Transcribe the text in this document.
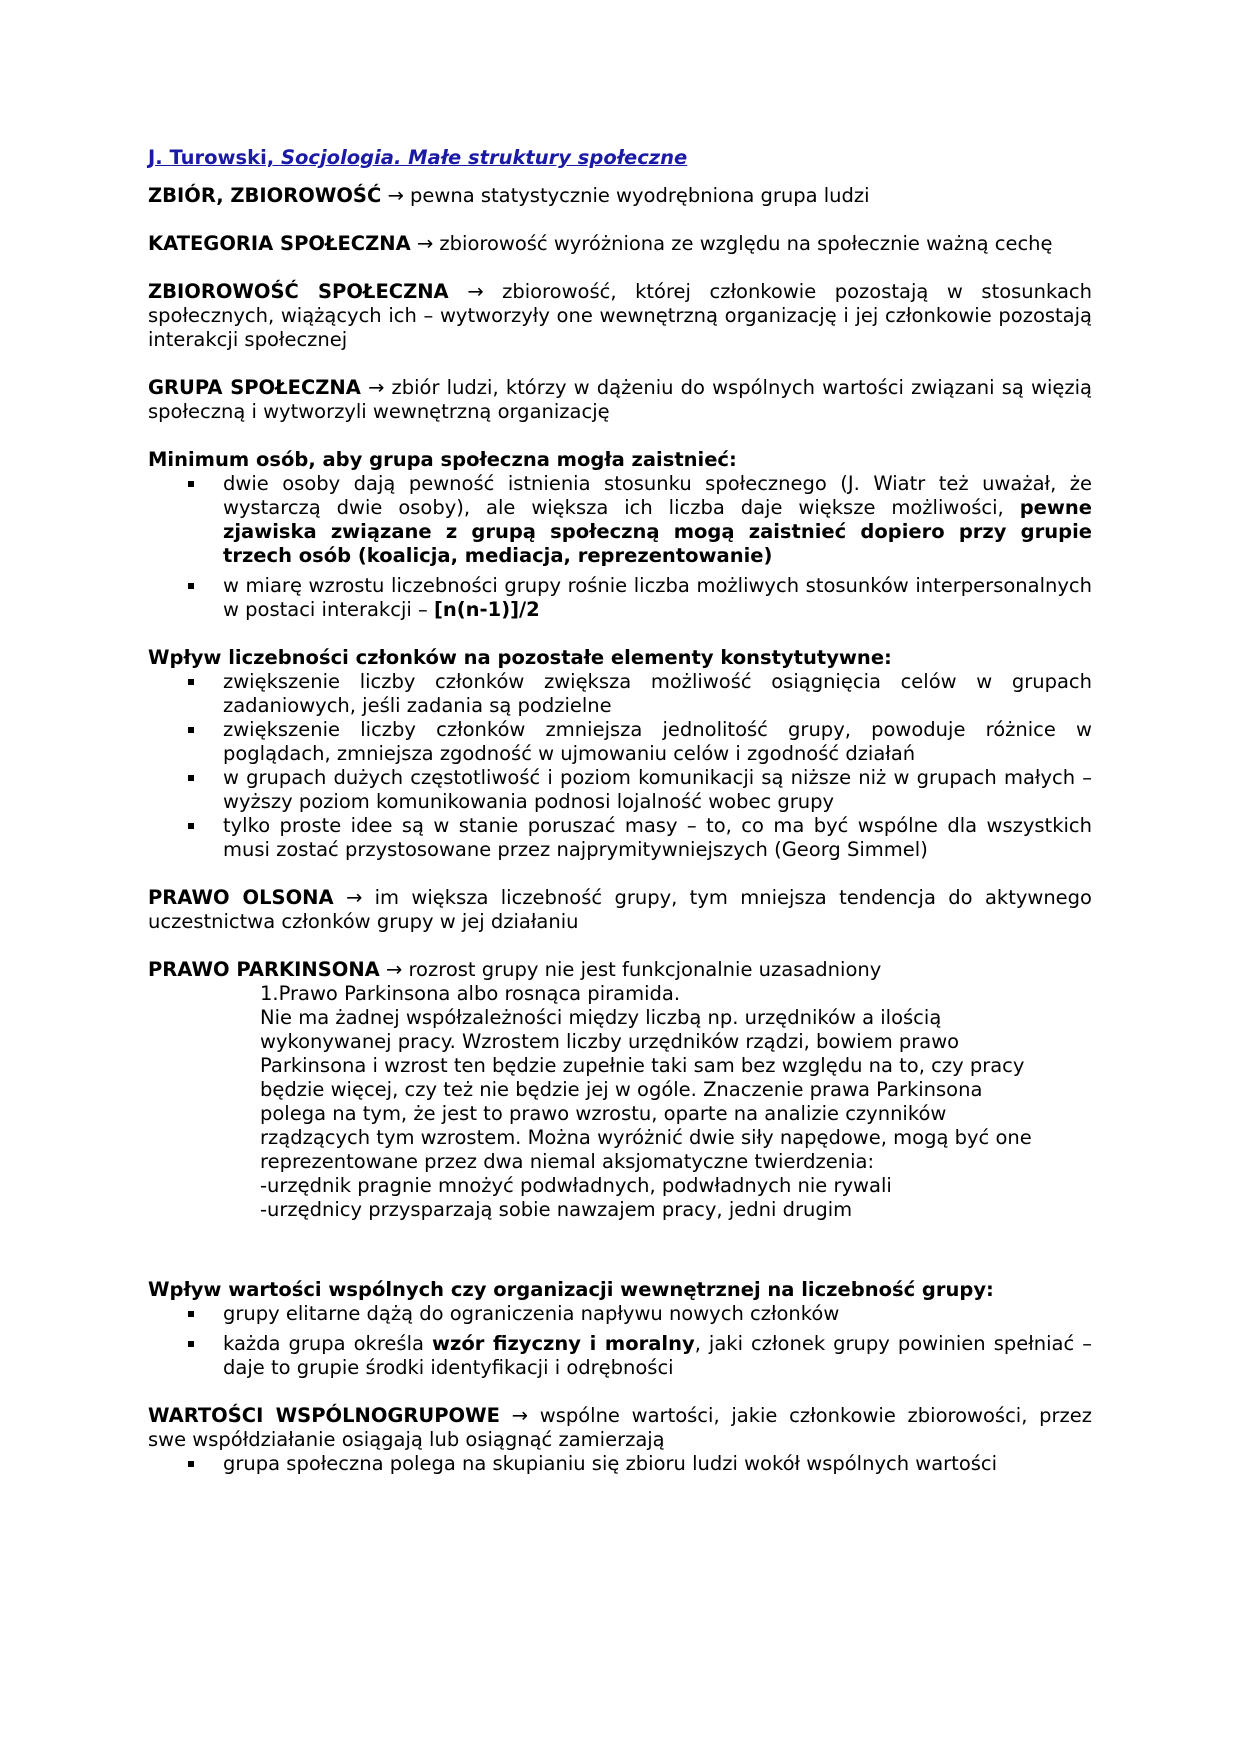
J. Turowski, Socjologia. Małe struktury społeczne

ZBIÓR, ZBIOROWOŚĆ → pewna statystycznie wyodrębniona grupa ludzi

KATEGORIA SPOŁECZNA → zbiorowość wyróżniona ze względu na społecznie ważną cechę

ZBIOROWOŚĆ SPOŁECZNA → zbiorowość, której członkowie pozostają w stosunkach społecznych, wiążących ich – wytworzyły one wewnętrzną organizację i jej członkowie pozostają interakcji społecznej

GRUPA SPOŁECZNA → zbiór ludzi, którzy w dążeniu do wspólnych wartości związani są więzią społeczną i wytworzyli wewnętrzną organizację

Minimum osób, aby grupa społeczna mogła zaistnieć:
dwie osoby dają pewność istnienia stosunku społecznego (J. Wiatr też uważał, że wystarczą dwie osoby), ale większa ich liczba daje większe możliwości, pewne zjawiska związane z grupą społeczną mogą zaistnieć dopiero przy grupie trzech osób (koalicja, mediacja, reprezentowanie)
w miarę wzrostu liczebności grupy rośnie liczba możliwych stosunków interpersonalnych w postaci interakcji – [n(n-1)]/2
Wpływ liczebności członków na pozostałe elementy konstytutywne:
zwiększenie liczby członków zwiększa możliwość osiągnięcia celów w grupach zadaniowych, jeśli zadania są podzielne
zwiększenie liczby członków zmniejsza jednolitość grupy, powoduje różnice w poglądach, zmniejsza zgodność w ujmowaniu celów i zgodność działań
w grupach dużych częstotliwość i poziom komunikacji są niższe niż w grupach małych – wyższy poziom komunikowania podnosi lojalność wobec grupy
tylko proste idee są w stanie poruszać masy – to, co ma być wspólne dla wszystkich musi zostać przystosowane przez najprymitywniejszych (Georg Simmel)

PRAWO OLSONA → im większa liczebność grupy, tym mniejsza tendencja do aktywnego uczestnictwa członków grupy w jej działaniu

PRAWO PARKINSONA → rozrost grupy nie jest funkcjonalnie uzasadniony

1.Prawo Parkinsona albo rosnąca piramida.
Nie ma żadnej współzależności między liczbą np. urzędników a ilością
wykonywanej pracy. Wzrostem liczby urzędników rządzi, bowiem prawo
Parkinsona i wzrost ten będzie zupełnie taki sam bez względu na to, czy pracy
będzie więcej, czy też nie będzie jej w ogóle. Znaczenie prawa Parkinsona
polega na tym, że jest to prawo wzrostu, oparte na analizie czynników
rządzących tym wzrostem. Można wyróżnić dwie siły napędowe, mogą być one
reprezentowane przez dwa niemal aksjomatyczne twierdzenia:
-urzędnik pragnie mnożyć podwładnych, podwładnych nie rywali
-urzędnicy przysparzają sobie nawzajem pracy, jedni drugim
Wpływ wartości wspólnych czy organizacji wewnętrznej na liczebność grupy:
grupy elitarne dążą do ograniczenia napływu nowych członków
każda grupa określa wzór fizyczny i moralny, jaki członek grupy powinien spełniać – daje to grupie środki identyfikacji i odrębności

WARTOŚCI WSPÓLNOGRUPOWE → wspólne wartości, jakie członkowie zbiorowości, przez swe współdziałanie osiągają lub osiągnąć zamierzają

grupa społeczna polega na skupianiu się zbioru ludzi wokół wspólnych wartości
